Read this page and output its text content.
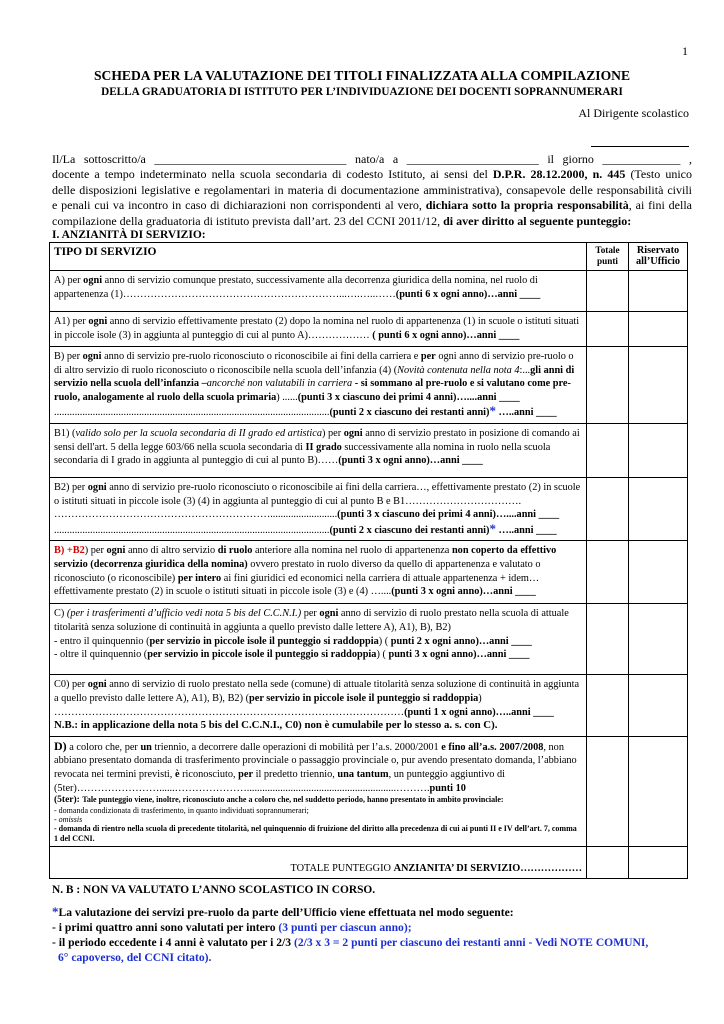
1
SCHEDA PER LA VALUTAZIONE DEI TITOLI FINALIZZATA ALLA COMPILAZIONE
DELLA GRADUATORIA DI ISTITUTO PER L’INDIVIDUAZIONE DEI DOCENTI SOPRANNUMERARI
Al Dirigente scolastico
Il/La sottoscritto/a ________________________________ nato/a a ______________________ il giorno _____________ ,
docente a tempo indeterminato nella scuola secondaria di codesto Istituto, ai sensi del D.P.R. 28.12.2000, n. 445 (Testo unico
delle disposizioni legislative e regolamentari in materia di documentazione amministrativa), consapevole delle responsabilità civili
e penali cui va incontro in caso di dichiarazioni non corrispondenti al vero, dichiara sotto la propria responsabilità, ai fini della
compilazione della graduatoria di istituto prevista dall’art. 23 del CCNI 2011/12, di aver diritto al seguente punteggio:
I. ANZIANITÀ DI SERVIZIO:
TIPO DI SERVIZIO	Totale punti	Riservato all’Ufficio
A) per ogni anno di servizio comunque prestato, successivamente alla decorrenza giuridica della nomina, nel ruolo di appartenenza (1)………………………………………………………...….…..……(punti 6 x ogni anno)…anni ____		
A1) per ogni anno di servizio effettivamente prestato (2) dopo la nomina nel ruolo di appartenenza (1) in scuole o istituti situati in piccole isole (3) in aggiunta al punteggio di cui al punto A)……………… ( punti 6 x ogni anno)…anni ____		
B) per ogni anno di servizio pre-ruolo riconosciuto o riconoscibile ai fini della carriera e per ogni anno di servizio pre-ruolo o di altro servizio di ruolo riconosciuto o riconoscibile nella scuola dell’infanzia (4) (Novità contenuta nella nota 4:...gli anni di servizio nella scuola dell’infanzia –ancorché non valutabili in carriera - si sommano al pre-ruolo e si valutano come pre-ruolo, analogamente al ruolo della scuola primaria) ......(punti 3 x ciascuno dei primi 4 anni)…....anni ____
...........................................................................................................(punti 2 x ciascuno dei restanti anni)* …..anni ____		
B1) (valido solo per la scuola secondaria di II grado ed artistica) per ogni anno di servizio prestato in posizione di comando ai sensi dell'art. 5 della legge 603/66 nella scuola secondaria di II grado successivamente alla nomina in ruolo nella scuola secondaria di I grado in aggiunta al punteggio di cui al punto B)……(punti 3 x ogni anno)…anni ____		
B2) per ogni anno di servizio pre-ruolo riconosciuto o riconoscibile ai fini della carriera…, effettivamente prestato (2) in scuole o istituti situati in piccole isole (3) (4) in aggiunta al punteggio di cui al punto B e B1……………………………. ………………………………………………………..........................(punti 3 x ciascuno dei primi 4 anni)…....anni ____
...........................................................................................................(punti 2 x ciascuno dei restanti anni)* …..anni ____		
B) +B2) per ogni anno di altro servizio di ruolo anteriore alla nomina nel ruolo di appartenenza non coperto da effettivo servizio (decorrenza giuridica della nomina) ovvero prestato in ruolo diverso da quello di appartenenza e valutato o riconosciuto (o riconoscibile) per intero ai fini giuridici ed economici nella carriera di attuale appartenenza + idem… effettivamente prestato (2) in scuole o istituti situati in piccole isole (3) e (4) …....(punti 3 x ogni anno)…anni ____		
C) (per i trasferimenti d’ufficio vedi nota 5 bis del C.C.N.I.) per ogni anno di servizio di ruolo prestato nella scuola di attuale titolarità senza soluzione di continuità in aggiunta a quello previsto dalle lettere A), A1), B), B2)
- entro il quinquennio (per servizio in piccole isole il punteggio si raddoppia) ( punti 2 x ogni anno)…anni ____
- oltre il quinquennio (per servizio in piccole isole il punteggio si raddoppia) ( punti 3 x ogni anno)…anni ____		
C0) per ogni anno di servizio di ruolo prestato nella sede (comune) di attuale titolarità senza soluzione di continuità in aggiunta a quello previsto dalle lettere A), A1), B), B2) (per servizio in piccole isole il punteggio si raddoppia) …………………………………………………………………………………………(punti 1 x ogni anno)…..anni ____
N.B.: in applicazione della nota 5 bis del C.C.N.I., C0) non è cumulabile per lo stesso a. s. con C).		
D) a coloro che, per un triennio, a decorrere dalle operazioni di mobilità per l’a.s. 2000/2001 e fino all’a.s. 2007/2008, non abbiano presentato domanda di trasferimento provinciale o passaggio provinciale o, pur avendo presentato domanda, l’abbiano revocata nei termini previsti, è riconosciuto, per il predetto triennio, una tantum, un punteggio aggiuntivo di (5ter)……………………......…………………..........................................................……….punti 10
(5ter): Tale punteggio viene, inoltre, riconosciuto anche a coloro che, nel suddetto periodo, hanno presentato in ambito provinciale:
- domanda condizionata di trasferimento, in quanto individuati soprannumerari;
- omissis
- domanda di rientro nella scuola di precedente titolarità, nel quinquennio di fruizione del diritto alla precedenza di cui ai punti II e IV dell’art. 7, comma 1 del CCNI.		

TOTALE PUNTEGGIO ANZIANITA’ DI SERVIZIO………………		
N. B : NON VA VALUTATO L’ANNO SCOLASTICO IN CORSO.
*La valutazione dei servizi pre-ruolo da parte dell’Ufficio viene effettuata nel modo seguente:
- i primi quattro anni sono valutati per intero (3 punti per ciascun anno);
- il periodo eccedente i 4 anni è valutato per i 2/3 (2/3 x 3 = 2 punti per ciascuno dei restanti anni - Vedi NOTE COMUNI,
6° capoverso, del CCNI citato).
